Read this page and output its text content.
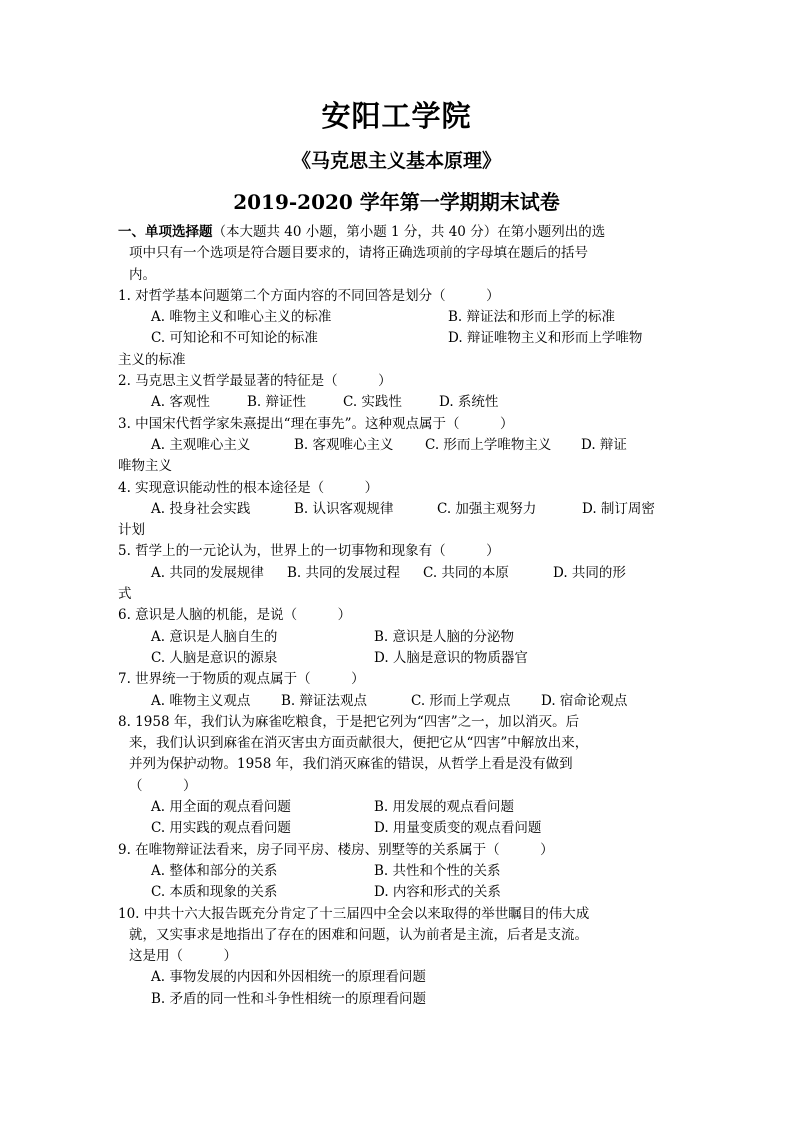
安阳工学院
《马克思主义基本原理》
2019-2020 学年第一学期期末试卷
一、单项选择题（本大题共 40 小题，第小题 1 分，共 40 分）在第小题列出的选
项中只有一个选项是符合题目要求的，请将正确选项前的字母填在题后的括号
内。
1. 对哲学基本问题第二个方面内容的不同回答是划分（　　　）
A. 唯物主义和唯心主义的标准	B. 辩证法和形而上学的标准
C. 可知论和不可知论的标准	D. 辩证唯物主义和形而上学唯物
主义的标准
2. 马克思主义哲学最显著的特征是（　　　）
A. 客观性	B. 辩证性	C. 实践性	D. 系统性
3. 中国宋代哲学家朱熹提出“理在事先”。这种观点属于（　　　）
A. 主观唯心主义	B. 客观唯心主义	C. 形而上学唯物主义	D. 辩证
唯物主义
4. 实现意识能动性的根本途径是（　　　）
A. 投身社会实践	B. 认识客观规律	C. 加强主观努力	D. 制订周密
计划
5. 哲学上的一元论认为，世界上的一切事物和现象有（　　　）
A. 共同的发展规律	B. 共同的发展过程	C. 共同的本原	D. 共同的形
式
6. 意识是人脑的机能，是说（　　　）
A. 意识是人脑自生的	B. 意识是人脑的分泌物
C. 人脑是意识的源泉	D. 人脑是意识的物质器官
7. 世界统一于物质的观点属于（　　　）
A. 唯物主义观点	B. 辩证法观点	C. 形而上学观点	D. 宿命论观点
8. 1958 年，我们认为麻雀吃粮食，于是把它列为“四害”之一，加以消灭。后
来，我们认识到麻雀在消灭害虫方面贡献很大，便把它从“四害”中解放出来，
并列为保护动物。1958 年，我们消灭麻雀的错误，从哲学上看是没有做到
（　　　）
A. 用全面的观点看问题	B. 用发展的观点看问题
C. 用实践的观点看问题	D. 用量变质变的观点看问题
9. 在唯物辩证法看来，房子同平房、楼房、别墅等的关系属于（　　　）
A. 整体和部分的关系	B. 共性和个性的关系
C. 本质和现象的关系	D. 内容和形式的关系
10. 中共十六大报告既充分肯定了十三届四中全会以来取得的举世瞩目的伟大成
就，又实事求是地指出了存在的困难和问题，认为前者是主流，后者是支流。
这是用（　　　）
A. 事物发展的内因和外因相统一的原理看问题
B. 矛盾的同一性和斗争性相统一的原理看问题
